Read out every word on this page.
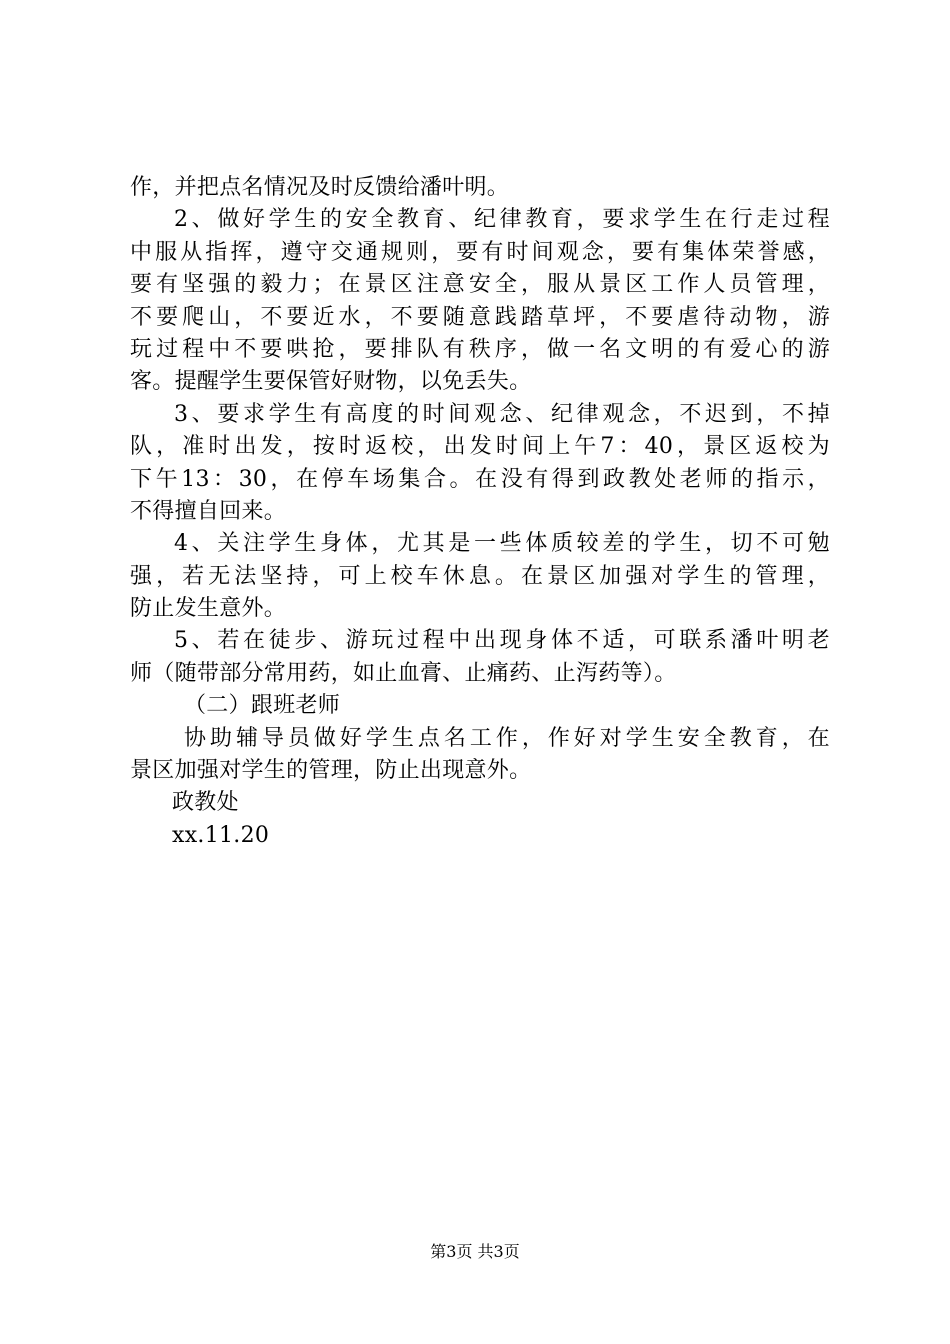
作，并把点名情况及时反馈给潘叶明。
2、做好学生的安全教育、纪律教育，要求学生在行走过程
中服从指挥，遵守交通规则，要有时间观念，要有集体荣誉感，
要有坚强的毅力；在景区注意安全，服从景区工作人员管理，
不要爬山，不要近水，不要随意践踏草坪，不要虐待动物，游
玩过程中不要哄抢，要排队有秩序，做一名文明的有爱心的游
客。提醒学生要保管好财物，以免丢失。
3、要求学生有高度的时间观念、纪律观念，不迟到，不掉
队，准时出发，按时返校，出发时间上午7：40，景区返校为
下午13：30，在停车场集合。在没有得到政教处老师的指示，
不得擅自回来。
4、关注学生身体，尤其是一些体质较差的学生，切不可勉
强，若无法坚持，可上校车休息。在景区加强对学生的管理，
防止发生意外。
5、若在徒步、游玩过程中出现身体不适，可联系潘叶明老
师（随带部分常用药，如止血膏、止痛药、止泻药等）。
（二）跟班老师
协助辅导员做好学生点名工作，作好对学生安全教育，在
景区加强对学生的管理，防止出现意外。
政教处
xx.11.20
第3页 共3页
